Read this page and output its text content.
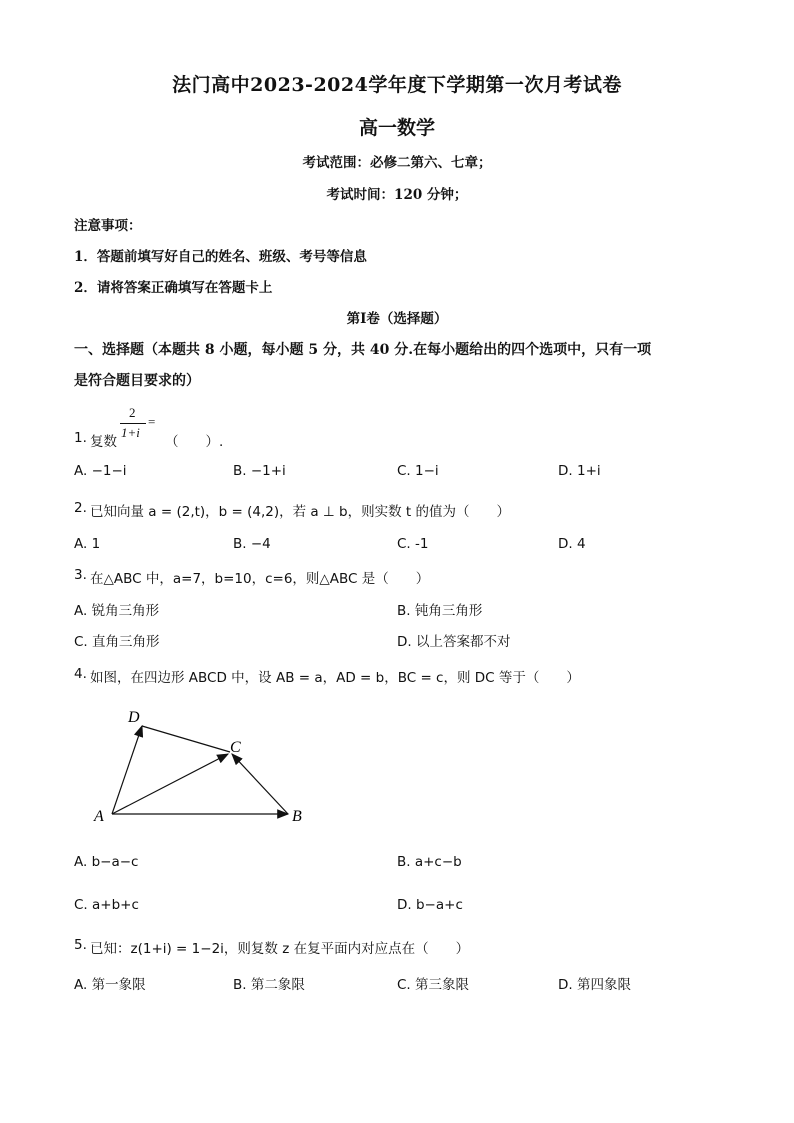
法门高中2023-2024学年度下学期第一次月考试卷
高一数学
考试范围：必修二第六、七章；
考试时间：120 分钟；
注意事项：
1．答题前填写好自己的姓名、班级、考号等信息
2．请将答案正确填写在答题卡上
第Ⅰ卷（选择题）
一、选择题（本题共 8 小题，每小题 5 分，共 40 分.在每小题给出的四个选项中，只有一项
是符合题目要求的）
1. 复数
2
1+i
=
（　　）.
A. −1−i	B. −1+i	C. 1−i	D. 1+i
2. 已知向量 a = (2,t)，b = (4,2)，若 a ⊥ b，则实数 t 的值为（　　）
A. 1	B. −4	C. -1	D. 4
3. 在△ABC 中，a=7，b=10，c=6，则△ABC 是（　　）
A. 锐角三角形	B. 钝角三角形
C. 直角三角形	D. 以上答案都不对
4. 如图，在四边形 ABCD 中，设 AB = a，AD = b，BC = c，则 DC 等于（　　）
D
C
A	B
A. b−a−c	B. a+c−b
C. a+b+c	D. b−a+c
5. 已知：z(1+i) = 1−2i，则复数 z 在复平面内对应点在（　　）
A. 第一象限	B. 第二象限	C. 第三象限	D. 第四象限
